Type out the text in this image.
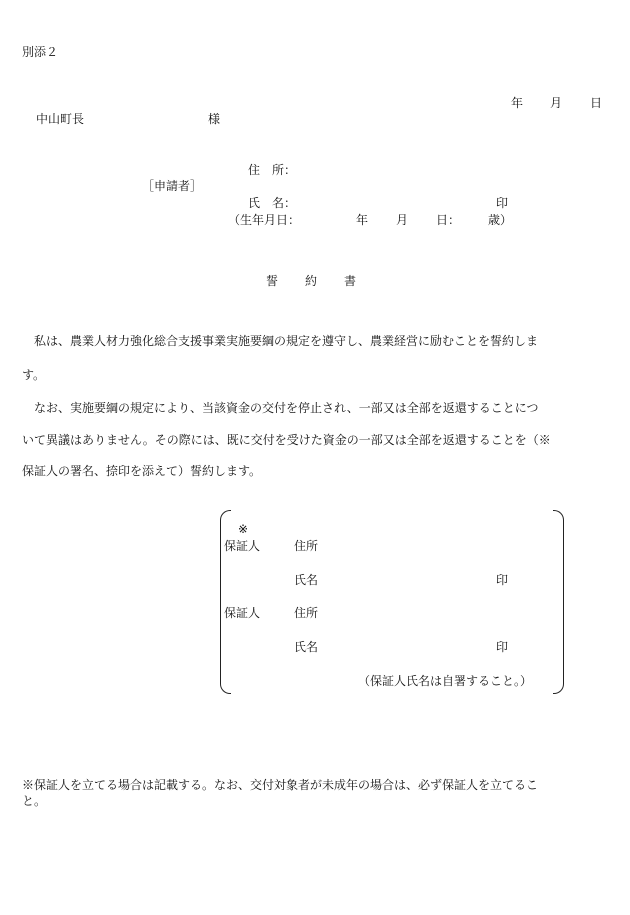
別添２
年 月 日
中山町長	様
住　所：
［申請者］
氏　名：	印
（生年月日：	年 月 日： 歳）
誓　　約　　書
　私は、農業人材力強化総合支援事業実施要綱の規定を遵守し、農業経営に励むことを誓約しま
す。
　なお、実施要綱の規定により、当該資金の交付を停止され、一部又は全部を返還することにつ
いて異議はありません。その際には、既に交付を受けた資金の一部又は全部を返還することを（※
保証人の署名、捺印を添えて）誓約します。
※
保証人	住所
氏名	印
保証人	住所
氏名	印
（保証人氏名は自署すること。）
※保証人を立てる場合は記載する。なお、交付対象者が未成年の場合は、必ず保証人を立てるこ
と。
